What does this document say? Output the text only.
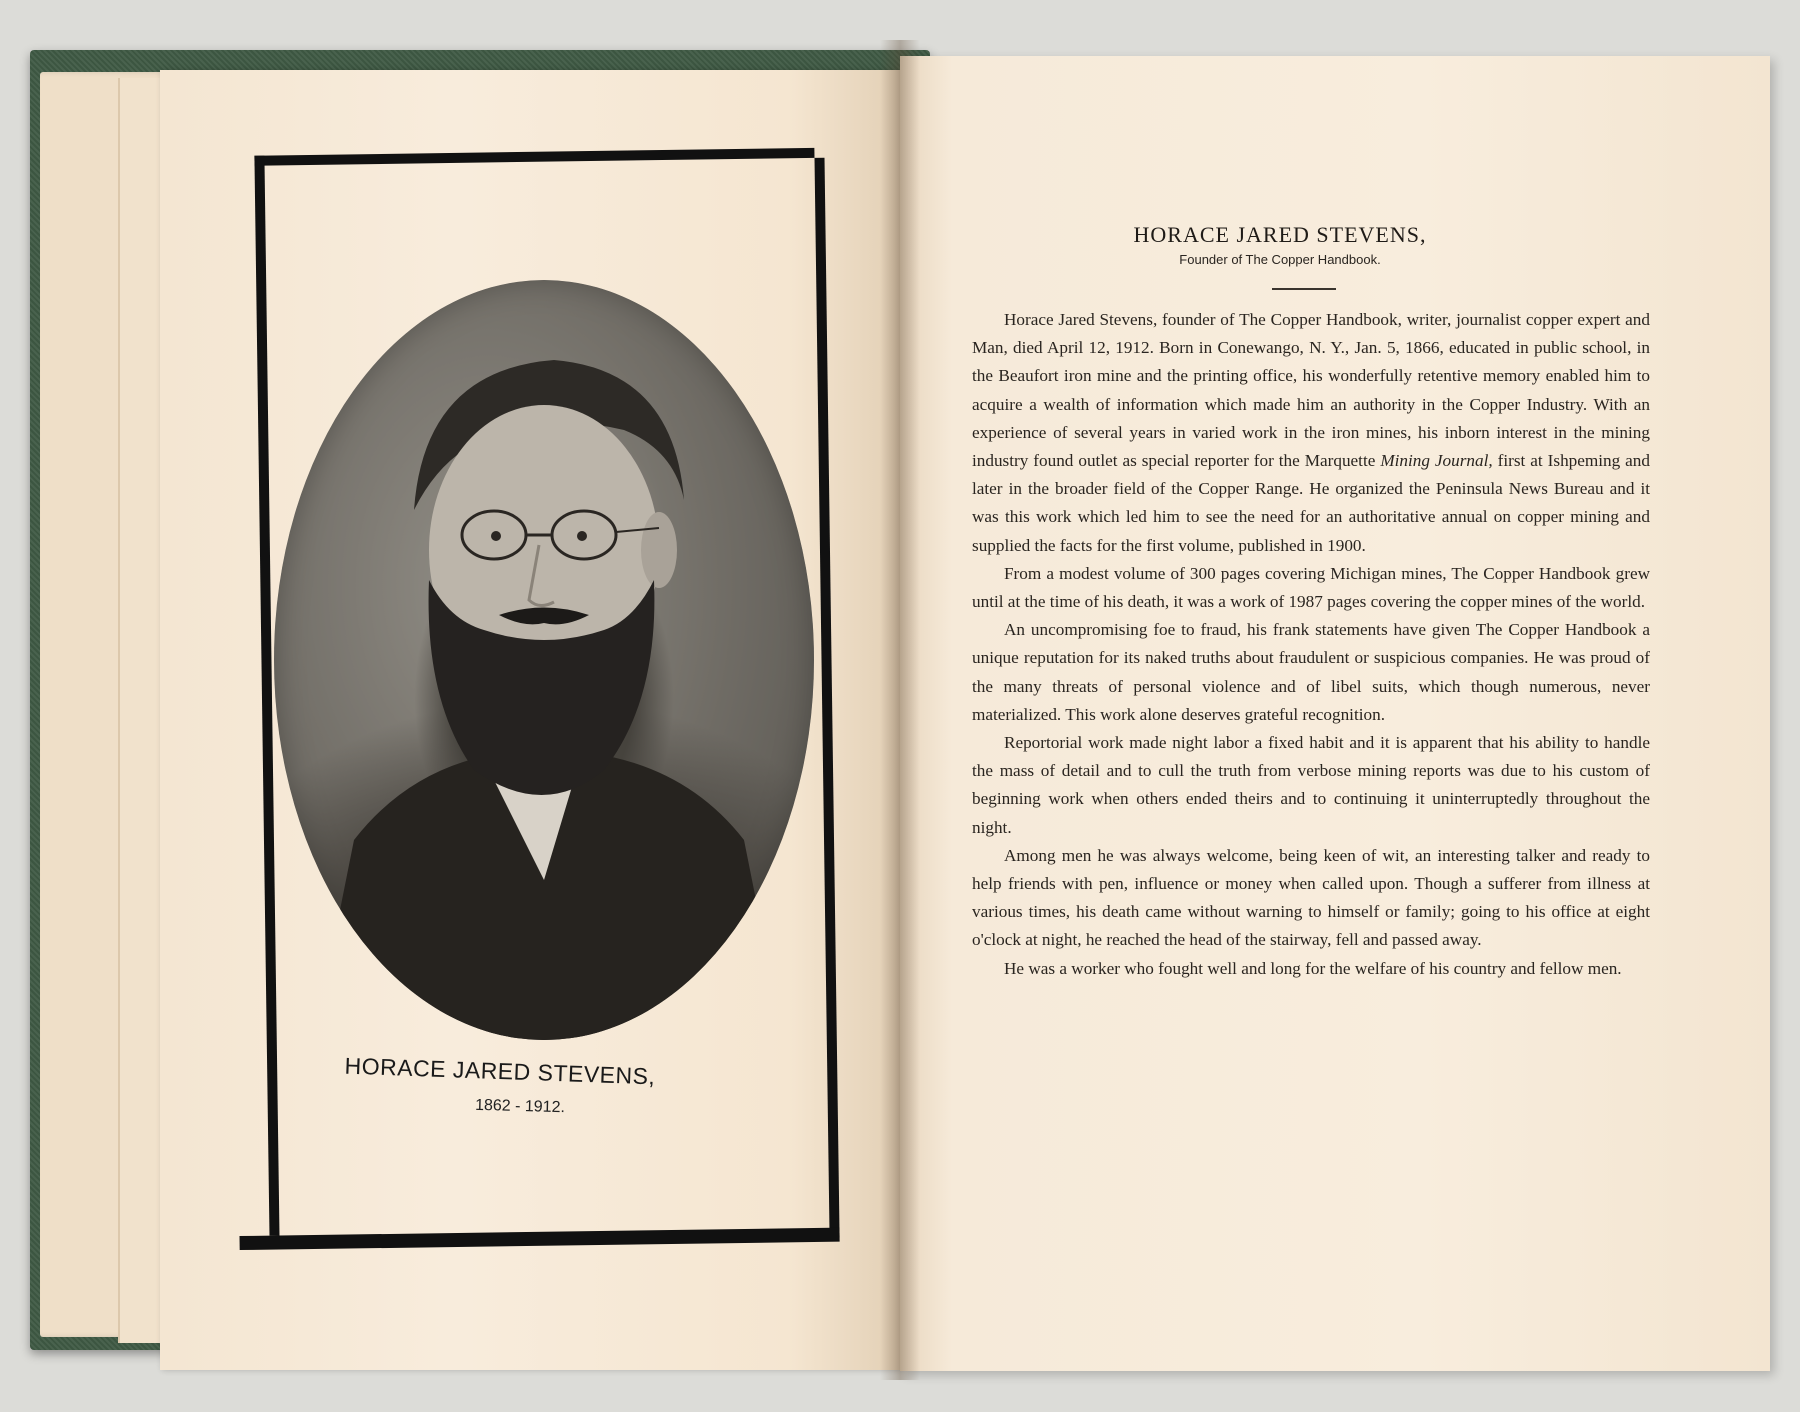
HORACE JARED STEVENS,
1862 - 1912.
HORACE JARED STEVENS,
Founder of The Copper Handbook.

Horace Jared Stevens, founder of The Copper Handbook, writer, journalist copper expert and Man, died April 12, 1912. Born in Conewango, N. Y., Jan. 5, 1866, educated in public school, in the Beaufort iron mine and the printing office, his wonderfully retentive memory enabled him to acquire a wealth of information which made him an authority in the Copper Industry. With an experience of several years in varied work in the iron mines, his inborn interest in the mining industry found outlet as special reporter for the Marquette Mining Journal, first at Ishpeming and later in the broader field of the Copper Range. He organized the Peninsula News Bureau and it was this work which led him to see the need for an authoritative annual on copper mining and supplied the facts for the first volume, published in 1900.

From a modest volume of 300 pages covering Michigan mines, The Copper Handbook grew until at the time of his death, it was a work of 1987 pages covering the copper mines of the world.

An uncompromising foe to fraud, his frank statements have given The Copper Handbook a unique reputation for its naked truths about fraudulent or suspicious companies. He was proud of the many threats of personal violence and of libel suits, which though numerous, never materialized. This work alone deserves grateful recognition.

Reportorial work made night labor a fixed habit and it is apparent that his ability to handle the mass of detail and to cull the truth from verbose mining reports was due to his custom of beginning work when others ended theirs and to continuing it uninterruptedly throughout the night.

Among men he was always welcome, being keen of wit, an interesting talker and ready to help friends with pen, influence or money when called upon. Though a sufferer from illness at various times, his death came without warning to himself or family; going to his office at eight o'clock at night, he reached the head of the stairway, fell and passed away.

He was a worker who fought well and long for the welfare of his country and fellow men.
